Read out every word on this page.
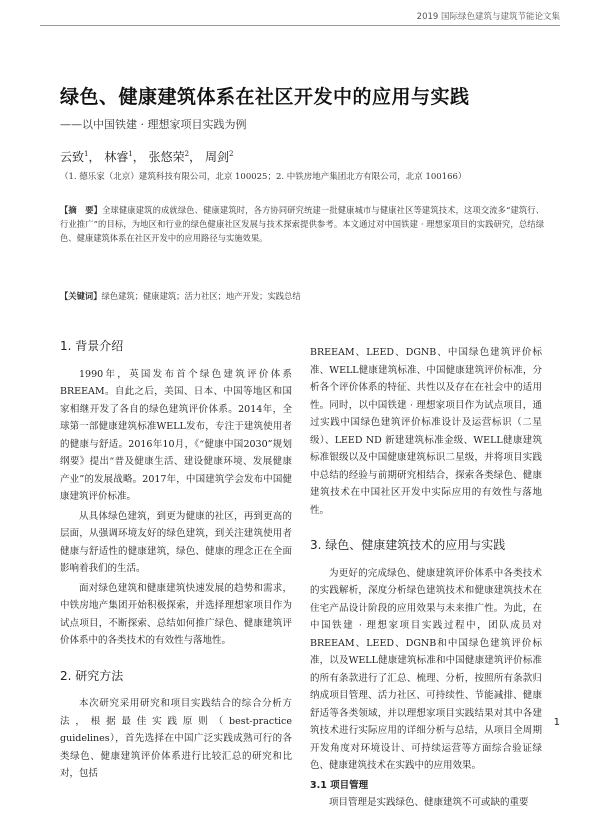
2019 国际绿色建筑与建筑节能论文集
绿色、健康建筑体系在社区开发中的应用与实践
——以中国铁建 · 理想家项目实践为例
云致$^1$， 林睿$^1$， 张悠荣$^2$， 周剑$^2$
（1. 德乐家（北京）建筑科技有限公司，北京 100025；2. 中铁房地产集团北方有限公司，北京 100166）
【摘　要】全球健康建筑的成就绿色、健康建筑时，各方协同研究统建一批健康城市与健康社区等建筑技术，这项交流多“建筑行、行业推广”的目标，为地区和行业的绿色健康社区发展与技术探索提供参考。本文通过对中国铁建 · 理想家项目的实践研究，总结绿色、健康建筑体系在社区开发中的应用路径与实施效果。
【关键词】绿色建筑；健康建筑；活力社区；地产开发；实践总结
1. 背景介绍

1990年，英国发布首个绿色建筑评价体系BREEAM。自此之后，美国、日本、中国等地区和国家相继开发了各自的绿色建筑评价体系。2014年，全球第一部健康建筑标准WELL发布，专注于建筑使用者的健康与舒适。2016年10月，《“健康中国2030”规划纲要》提出“普及健康生活、建设健康环境、发展健康产业”的发展战略。2017年，中国建筑学会发布中国健康建筑评价标准。

从具体绿色建筑，到更为健康的社区，再到更高的层面，从强调环境友好的绿色建筑，到关注建筑使用者健康与舒适性的健康建筑，绿色、健康的理念正在全面影响着我们的生活。

面对绿色建筑和健康建筑快速发展的趋势和需求，中铁房地产集团开始积极探索，并选择理想家项目作为试点项目，不断探索、总结如何推广绿色、健康建筑评价体系中的各类技术的有效性与落地性。

2. 研究方法

本次研究采用研究和项目实践结合的综合分析方法，根据最佳实践原则（best-practice guidelines），首先选择在中国广泛实践成熟可行的各类绿色、健康建筑评价体系进行比较汇总的研究和比对，包括

BREEAM、LEED、DGNB、中国绿色建筑评价标准、WELL健康建筑标准、中国健康建筑评价标准，分析各个评价体系的特征、共性以及存在在社会中的适用性。同时，以中国铁建 · 理想家项目作为试点项目，通过实践中国绿色建筑评价标准设计及运营标识（二星级）、LEED ND 新建建筑标准金级、WELL健康建筑标准银级以及中国健康建筑标识二星级，并将项目实践中总结的经验与前期研究相结合，探索各类绿色、健康建筑技术在中国社区开发中实际应用的有效性与落地性。

3. 绿色、健康建筑技术的应用与实践

为更好的完成绿色、健康建筑评价体系中各类技术的实践解析，深度分析绿色建筑技术和健康建筑技术在住宅产品设计阶段的应用效果与未来推广性。为此，在中国铁建 · 理想家项目实践过程中，团队成员对BREEAM、LEED、DGNB和中国绿色建筑评价标准，以及WELL健康建筑标准和中国健康建筑评价标准的所有条款进行了汇总、梳理、分析，按照所有条款归纳成项目管理、活力社区、可持续性、节能减排、健康舒适等各类领域，并以理想家项目实践结果对其中各建筑技术进行实际应用的详细分析与总结，从项目全周期开发角度对环境设计、可持续运营等方面综合验证绿色、健康建筑技术在实践中的应用效果。

3.1 项目管理

项目管理是实践绿色、健康建筑不可或缺的重要

1
